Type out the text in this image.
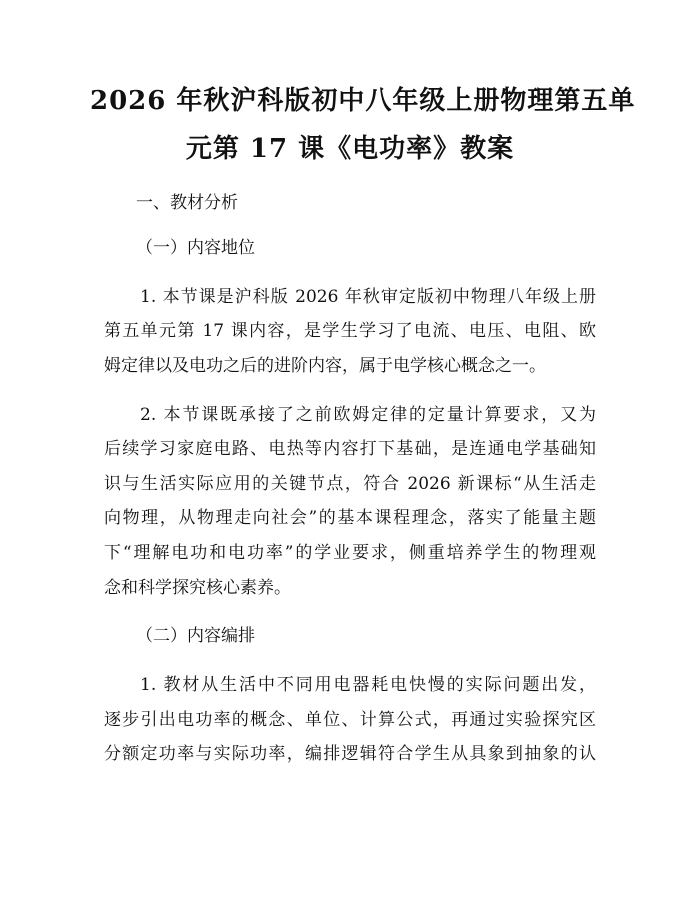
2026 年秋沪科版初中八年级上册物理第五单
元第 17 课《电功率》教案
一、教材分析
（一）内容地位
1. 本节课是沪科版 2026 年秋审定版初中物理八年级上册
第五单元第 17 课内容，是学生学习了电流、电压、电阻、欧
姆定律以及电功之后的进阶内容，属于电学核心概念之一。
2. 本节课既承接了之前欧姆定律的定量计算要求，又为
后续学习家庭电路、电热等内容打下基础，是连通电学基础知
识与生活实际应用的关键节点，符合 2026 新课标“从生活走
向物理，从物理走向社会”的基本课程理念，落实了能量主题
下“理解电功和电功率”的学业要求，侧重培养学生的物理观
念和科学探究核心素养。
（二）内容编排
1. 教材从生活中不同用电器耗电快慢的实际问题出发，
逐步引出电功率的概念、单位、计算公式，再通过实验探究区
分额定功率与实际功率，编排逻辑符合学生从具象到抽象的认
